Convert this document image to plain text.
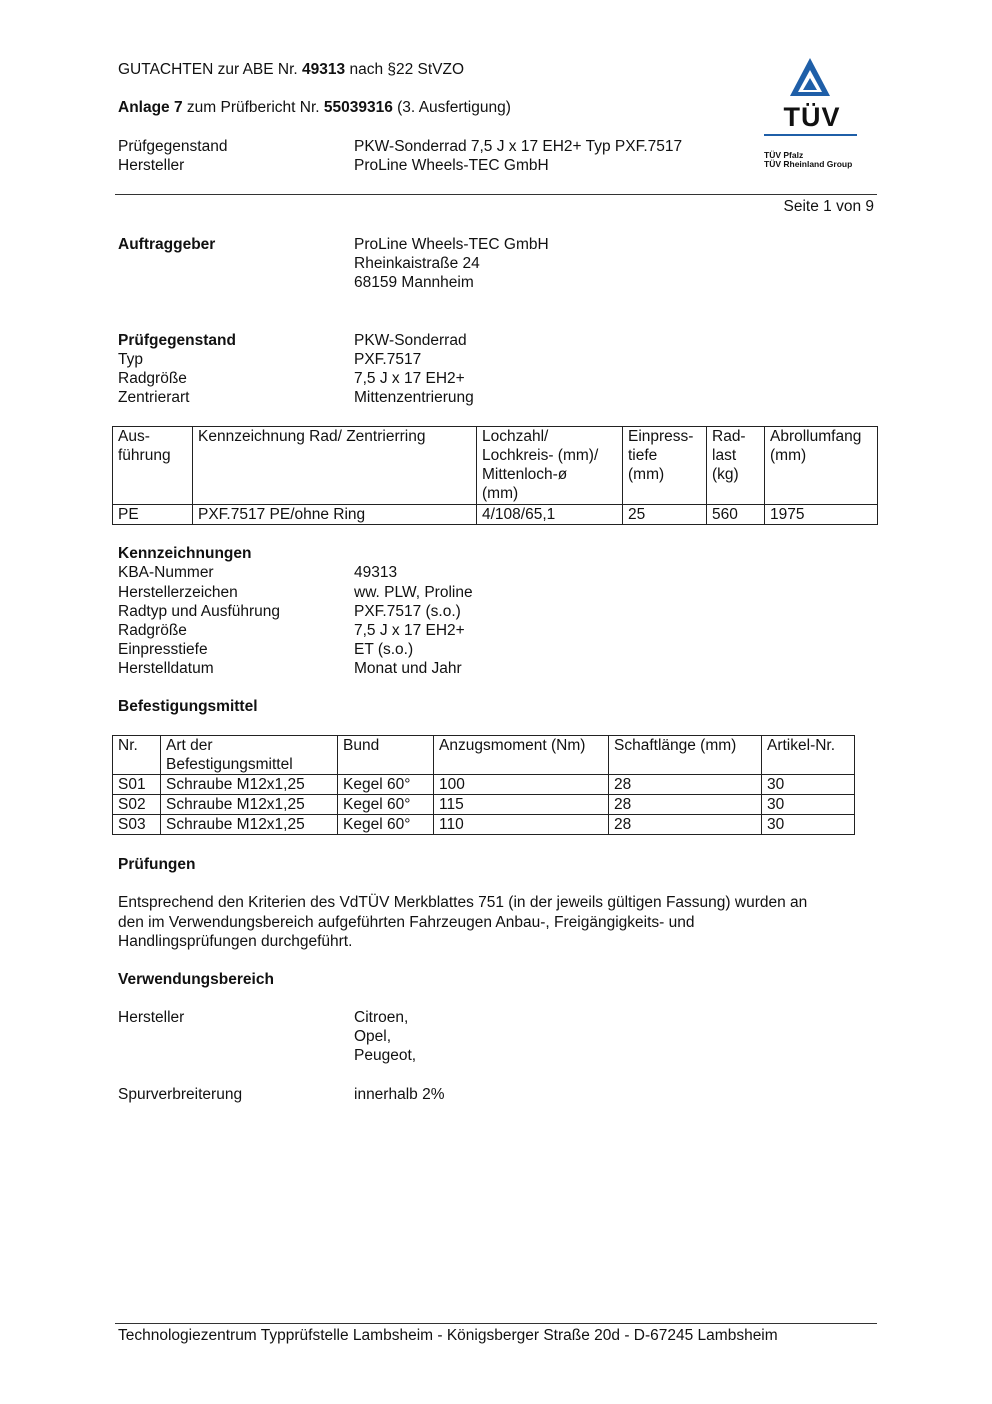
GUTACHTEN zur ABE Nr. 49313 nach §22 StVZO
Anlage 7 zum Prüfbericht Nr. 55039316 (3. Ausfertigung)
Prüfgegenstand	PKW-Sonderrad 7,5 J x 17 EH2+ Typ PXF.7517
Hersteller	ProLine Wheels-TEC GmbH
TÜV
TÜV Pfalz
TÜV Rheinland Group
Seite 1 von 9
Auftraggeber	ProLine Wheels-TEC GmbH
Rheinkaistraße 24
68159 Mannheim
Prüfgegenstand	PKW-Sonderrad
Typ	PXF.7517
Radgröße	7,5 J x 17 EH2+
Zentrierart	Mittenzentrierung
Aus-
führung	Kennzeichnung Rad/ Zentrierring	Lochzahl/
Lochkreis- (mm)/
Mittenloch-ø
(mm)	Einpress-
tiefe
(mm)	Rad-
last
(kg)	Abrollumfang
(mm)
PE	PXF.7517 PE/ohne Ring	4/108/65,1	25	560	1975
Kennzeichnungen
KBA-Nummer	49313
Herstellerzeichen	ww. PLW, Proline
Radtyp und Ausführung	PXF.7517 (s.o.)
Radgröße	7,5 J x 17 EH2+
Einpresstiefe	ET (s.o.)
Herstelldatum	Monat und Jahr
Befestigungsmittel
Nr.	Art der
Befestigungsmittel	Bund	Anzugsmoment (Nm)	Schaftlänge (mm)	Artikel-Nr.
S01	Schraube M12x1,25	Kegel 60°	100	28	30
S02	Schraube M12x1,25	Kegel 60°	115	28	30
S03	Schraube M12x1,25	Kegel 60°	110	28	30
Prüfungen
Entsprechend den Kriterien des VdTÜV Merkblattes 751 (in der jeweils gültigen Fassung) wurden an
den im Verwendungsbereich aufgeführten Fahrzeugen Anbau-, Freigängigkeits- und
Handlingsprüfungen durchgeführt.
Verwendungsbereich
Hersteller	Citroen,
Opel,
Peugeot,
Spurverbreiterung	innerhalb 2%
Technologiezentrum Typprüfstelle Lambsheim - Königsberger Straße 20d - D-67245 Lambsheim
